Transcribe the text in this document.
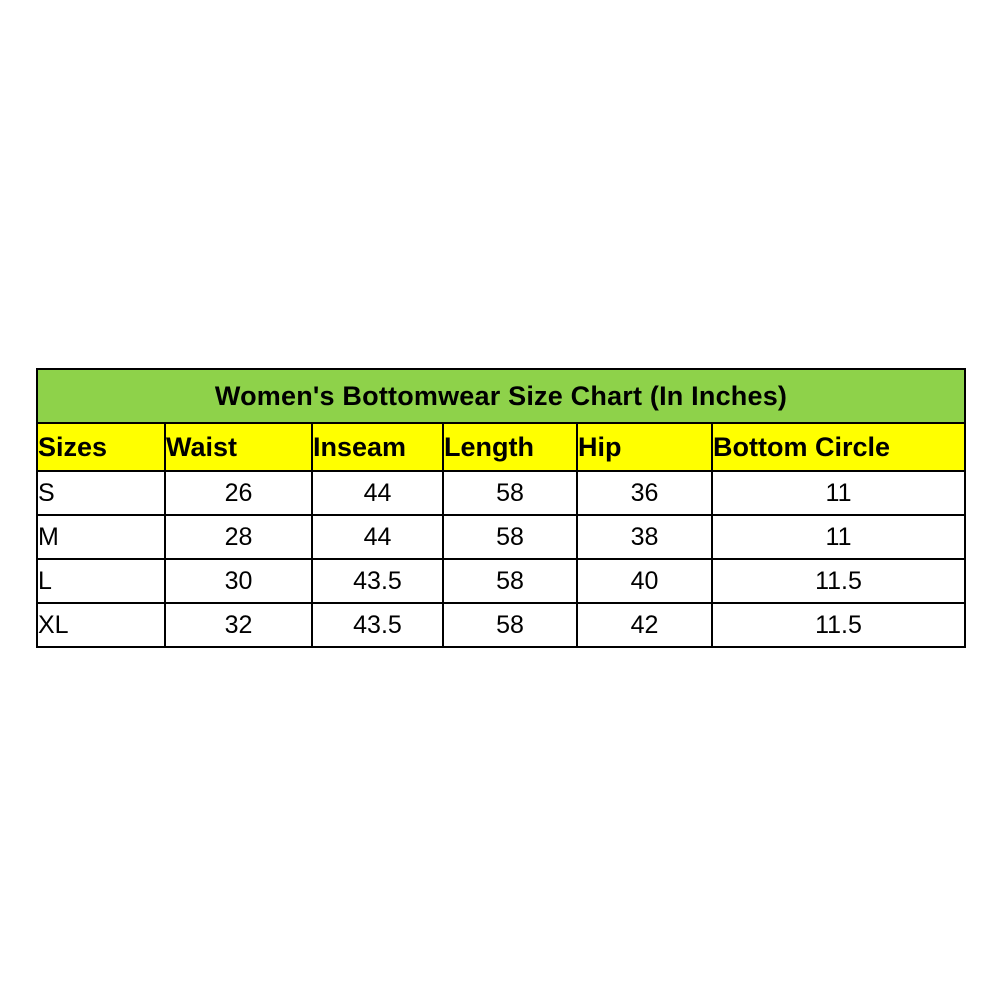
Women's Bottomwear Size Chart (In Inches)					
Sizes	Waist	Inseam	Length	Hip	Bottom Circle
S	26	44	58	36	11
M	28	44	58	38	11
L	30	43.5	58	40	11.5
XL	32	43.5	58	42	11.5
